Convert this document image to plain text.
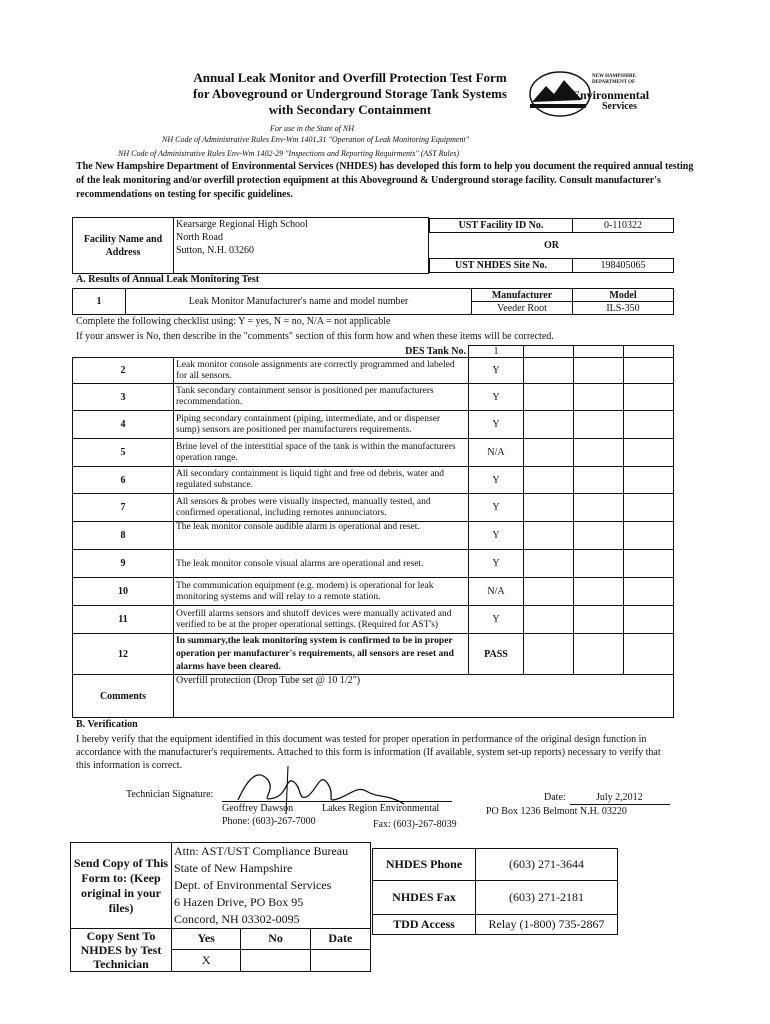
Annual Leak Monitor and Overfill Protection Test Form
for Aboveground or Underground Storage Tank Systems
with Secondary Containment
For use in the State of NH
NH Code of Administrative Rules Env-Wm 1401.31 "Operation of Leak Monitoring Equipment"
NH Code of Administrative Rules Env-Wm 1402-29 "Inspections and Reporting Requirments" (AST Rules)
NEW HAMPSHIRE DEPARTMENT OF
Environmental
Services
The New Hampshire Department of Environmental Services (NHDES) has developed this form to help you document the required annual testing of the leak monitoring and/or overfill protection equipment at this Aboveground & Underground storage facility. Consult manufacturer's recommendations on testing for specific guidelines.
Facility Name and Address	
Kearsarge Regional High School
North Road
Sutton, N.H. 03260

UST Facility ID No.	0-110322
OR
UST NHDES Site No.	198405065
A. Results of Annual Leak Monitoring Test
1	Leak Monitor Manufacturer's name and model number	Manufacturer	Model
		Veeder Root	ILS-350
Complete the following checklist using: Y = yes, N = no, N/A = not applicable
If your answer is No, then describe in the "comments" section of this form how and when these items will be corrected.
	DES Tank No.	1			
2	Leak monitor console assignments are correctly programmed and labeled for all sensors.	Y			
3	Tank secondary containment sensor is positioned per manufacturers recommendation.	Y			
4	Piping secondary containment (piping, intermediate, and or dispenser sump) sensors are positioned per manufacturers requirements.	Y			
5	Brine level of the interstitial space of the tank is within the manufacturers operation range.	N/A			
6	All secondary containment is liquid tight and free od debris, water and regulated substance.	Y			
7	All sensors & probes were visually inspected, manually tested, and confirmed operational, including remotes annunciators.	Y			
8	The leak monitor console audible alarm is operational and reset.	Y			
9	The leak monitor console visual alarms are operational and reset.	Y			
10	The communication equipment (e.g. modem) is operational for leak monitoring systems and will relay to a remote station.	N/A			
11	Overfill alarms sensors and shutoff devices were manually activated and verified to be at the proper operational settings. (Required for AST's)	Y			
12	In summary,the leak monitoring system is confirmed to be in proper operation per manufacturer's requirements, all sensors are reset and alarms have been cleared.	PASS			
Comments	Overfill protection (Drop Tube set @ 10 1/2")				
B. Verification
I hereby verify that the equipment identified in this document was tested for proper operation in performance of the original design function in accordance with the manufacturer's requirements. Attached to this form is information (If available, system set-up reports) necessary to verify that this information is correct.
Technician Signature:
Geoffrey Dawson	Lakes Region Environmental	PO Box 1236 Belmont N.H. 03220
Phone: (603)-267-7000	Fax: (603)-267-8039
Date:	July 2,2012
Send Copy of This Form to: (Keep original in your files)	Attn: AST/UST Compliance Bureau
State of New Hampshire
Dept. of Environmental Services
6 Hazen Drive, PO Box 95
Concord, NH 03302-0095		

Copy Sent To NHDES by Test Technician	Yes	No	Date
	X		
NHDES Phone	(603) 271-3644
NHDES Fax	(603) 271-2181
TDD Access	Relay (1-800) 735-2867
